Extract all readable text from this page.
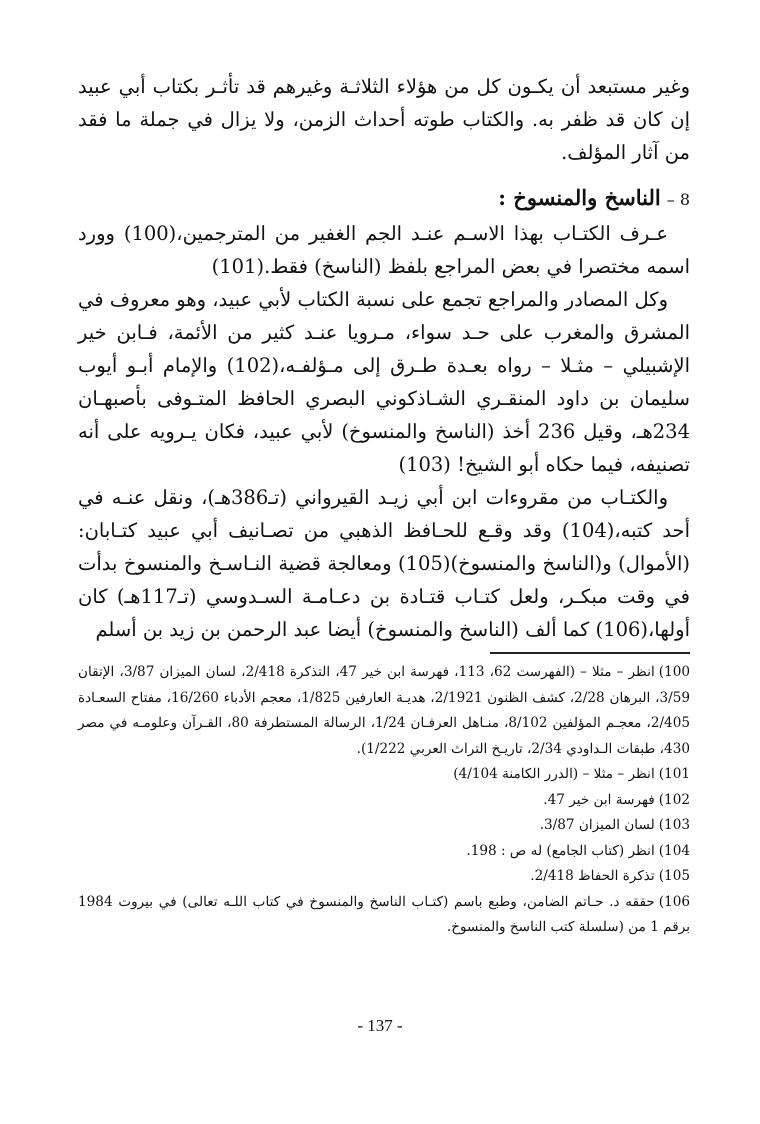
وغير مستبعد أن يكـون كل من هؤلاء الثلاثـة وغيرهم قد تأثـر بكتاب أبي عبيد إن كان قد ظفر به. والكتاب طوته أحداث الزمن، ولا يزال في جملة ما فقد من آثار المؤلف.

8 –الناسخ والمنسوخ :

عـرف الكتـاب بهذا الاسـم عنـد الجم الغفير من المترجمين،(100) وورد اسمه مختصرا في بعض المراجع بلفظ (الناسخ) فقط.(101)

وكل المصادر والمراجع تجمع على نسبة الكتاب لأبي عبيد، وهو معروف في المشرق والمغرب على حـد سواء، مـرويا عنـد كثير من الأئمة، فـابن خير الإشبيلي – مثـلا – رواه بعـدة طـرق إلى مـؤلفـه،(102) والإمام أبـو أيوب سليمان بن داود المنقـري الشـاذكوني البصري الحافظ المتـوفى بأصبهـان 234هـ، وقيل 236 أخذ (الناسخ والمنسوخ) لأبي عبيد، فكان يـرويه على أنه تصنيفه، فيما حكاه أبو الشيخ! (103)

والكتـاب من مقروءات ابن أبي زيـد القيرواني (تـ386هـ)، ونقل عنـه في أحد كتبه،(104) وقد وقـع للحـافظ الذهبي من تصـانيف أبي عبيد كتـابان: (الأموال) و(الناسخ والمنسوخ)(105) ومعالجة قضية النـاسـخ والمنسوخ بدأت في وقت مبكـر، ولعل كتـاب قتـادة بن دعـامـة السـدوسي (تـ117هـ) كان أولها،(106) كما ألف (الناسخ والمنسوخ) أيضا عبد الرحمن بن زيد بن أسلم

100)انظر – مثلا – (الفهرست 62، 113، فهرسة ابن خير 47، التذكرة 2/418، لسان الميزان 3/87، الإتقان 3/59، البرهان 2/28، كشف الظنون 2/1921، هديـة العارفين 1/825، معجم الأدباء 16/260، مفتاح السعـادة 2/405، معجـم المؤلفين 8/102، منـاهل العرفـان 1/24، الرسالة المستطرفة 80، القـرآن وعلومـه في مصر 430، طبقات الـداودي 2/34، تاريـخ التراث العربي 1/222).

101)انظر – مثلا – (الدرر الكامنة 4/104)

102)فهرسة ابن خير 47.

103)لسان الميزان 3/87.

104)انظر (كتاب الجامع) له ص : 198.

105)تذكرة الحفاظ 2/418.

106)حققه د. حـاتم الضامن، وطبع باسم (كتـاب الناسخ والمنسوخ في كتاب اللـه تعالى) في بيروت 1984 برقم 1 من (سلسلة كتب الناسخ والمنسوخ.

- 137 -
